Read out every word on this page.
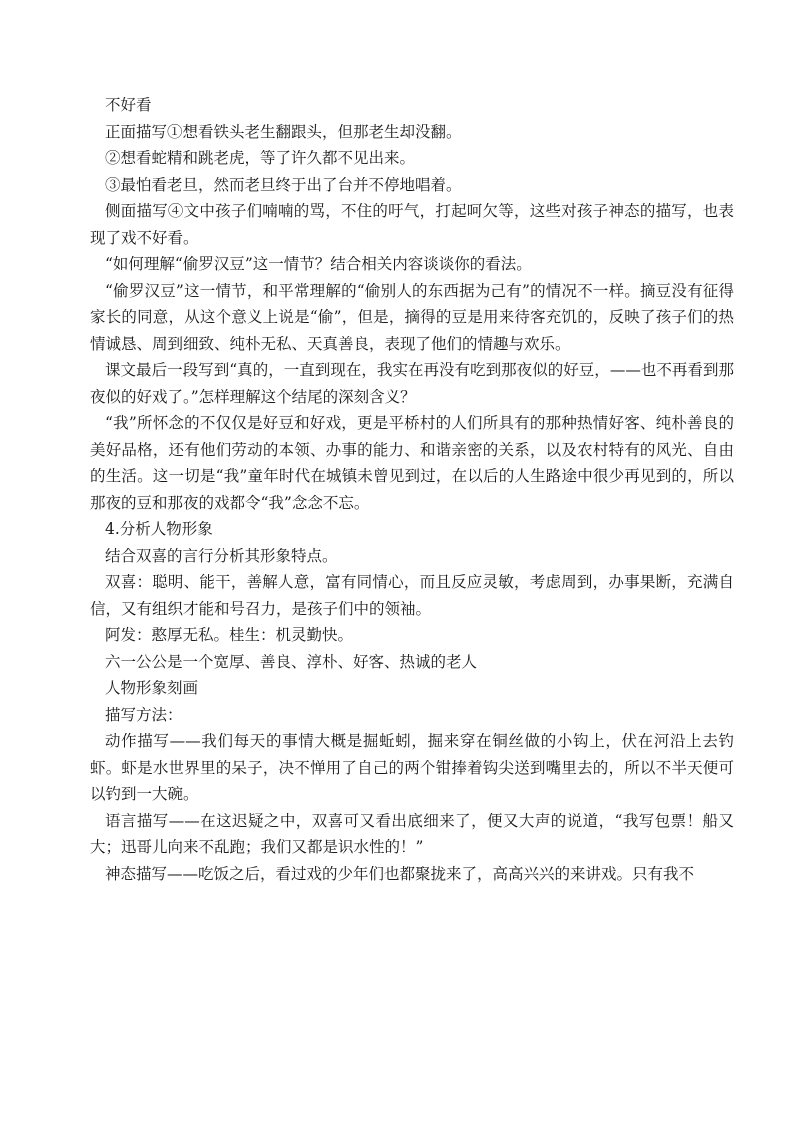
不好看

正面描写①想看铁头老生翻跟头，但那老生却没翻。

②想看蛇精和跳老虎，等了许久都不见出来。

③最怕看老旦，然而老旦终于出了台并不停地唱着。

侧面描写④文中孩子们喃喃的骂，不住的吁气，打起呵欠等，这些对孩子神态的描写，也表现了戏不好看。

“如何理解“偷罗汉豆”这一情节？结合相关内容谈谈你的看法。

“偷罗汉豆”这一情节，和平常理解的“偷别人的东西据为己有”的情况不一样。摘豆没有征得家长的同意，从这个意义上说是“偷”，但是，摘得的豆是用来待客充饥的，反映了孩子们的热情诚恳、周到细致、纯朴无私、天真善良，表现了他们的情趣与欢乐。

课文最后一段写到“真的，一直到现在，我实在再没有吃到那夜似的好豆，——也不再看到那夜似的好戏了。”怎样理解这个结尾的深刻含义？

“我”所怀念的不仅仅是好豆和好戏，更是平桥村的人们所具有的那种热情好客、纯朴善良的美好品格，还有他们劳动的本领、办事的能力、和谐亲密的关系，以及农村特有的风光、自由的生活。这一切是“我”童年时代在城镇未曾见到过，在以后的人生路途中很少再见到的，所以那夜的豆和那夜的戏都令“我”念念不忘。

4.分析人物形象

结合双喜的言行分析其形象特点。

双喜：聪明、能干，善解人意，富有同情心，而且反应灵敏，考虑周到，办事果断，充满自信，又有组织才能和号召力，是孩子们中的领袖。

阿发：憨厚无私。桂生：机灵勤快。

六一公公是一个宽厚、善良、淳朴、好客、热诚的老人

人物形象刻画

描写方法：

动作描写——我们每天的事情大概是掘蚯蚓，掘来穿在铜丝做的小钩上，伏在河沿上去钓虾。虾是水世界里的呆子，决不惮用了自己的两个钳捧着钩尖送到嘴里去的，所以不半天便可以钓到一大碗。

语言描写——在这迟疑之中，双喜可又看出底细来了，便又大声的说道，“我写包票！船又大；迅哥儿向来不乱跑；我们又都是识水性的！”

神态描写——吃饭之后，看过戏的少年们也都聚拢来了，高高兴兴的来讲戏。只有我不
